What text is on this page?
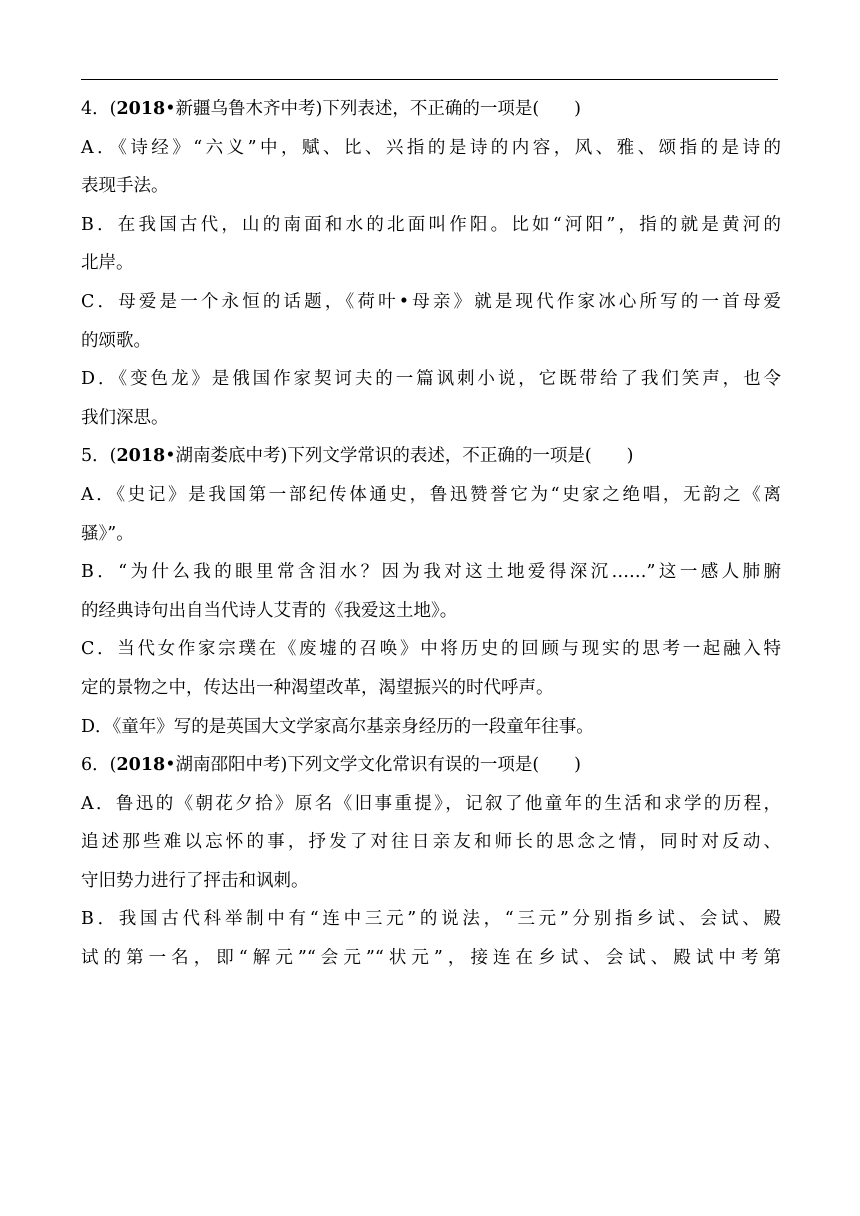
4．(2018•新疆乌鲁木齐中考)下列表述，不正确的一项是(　　)
A．《诗经》“六义”中，赋、比、兴指的是诗的内容，风、雅、颂指的是诗的
表现手法。
B．在我国古代，山的南面和水的北面叫作阳。比如“河阳”，指的就是黄河的
北岸。
C．母爱是一个永恒的话题，《荷叶•母亲》就是现代作家冰心所写的一首母爱
的颂歌。
D．《变色龙》是俄国作家契诃夫的一篇讽刺小说，它既带给了我们笑声，也令
我们深思。
5．(2018•湖南娄底中考)下列文学常识的表述，不正确的一项是(　　)
A．《史记》是我国第一部纪传体通史，鲁迅赞誉它为“史家之绝唱，无韵之《离
骚》”。
B．“为什么我的眼里常含泪水？因为我对这土地爱得深沉……”这一感人肺腑
的经典诗句出自当代诗人艾青的《我爱这土地》。
C．当代女作家宗璞在《废墟的召唤》中将历史的回顾与现实的思考一起融入特
定的景物之中，传达出一种渴望改革，渴望振兴的时代呼声。
D．《童年》写的是英国大文学家高尔基亲身经历的一段童年往事。
6．(2018•湖南邵阳中考)下列文学文化常识有误的一项是(　　)
A．鲁迅的《朝花夕拾》原名《旧事重提》，记叙了他童年的生活和求学的历程，
追述那些难以忘怀的事，抒发了对往日亲友和师长的思念之情，同时对反动、
守旧势力进行了抨击和讽刺。
B．我国古代科举制中有“连中三元”的说法，“三元”分别指乡试、会试、殿
试的第一名，即“解元”“会元”“状元”，接连在乡试、会试、殿试中考第
